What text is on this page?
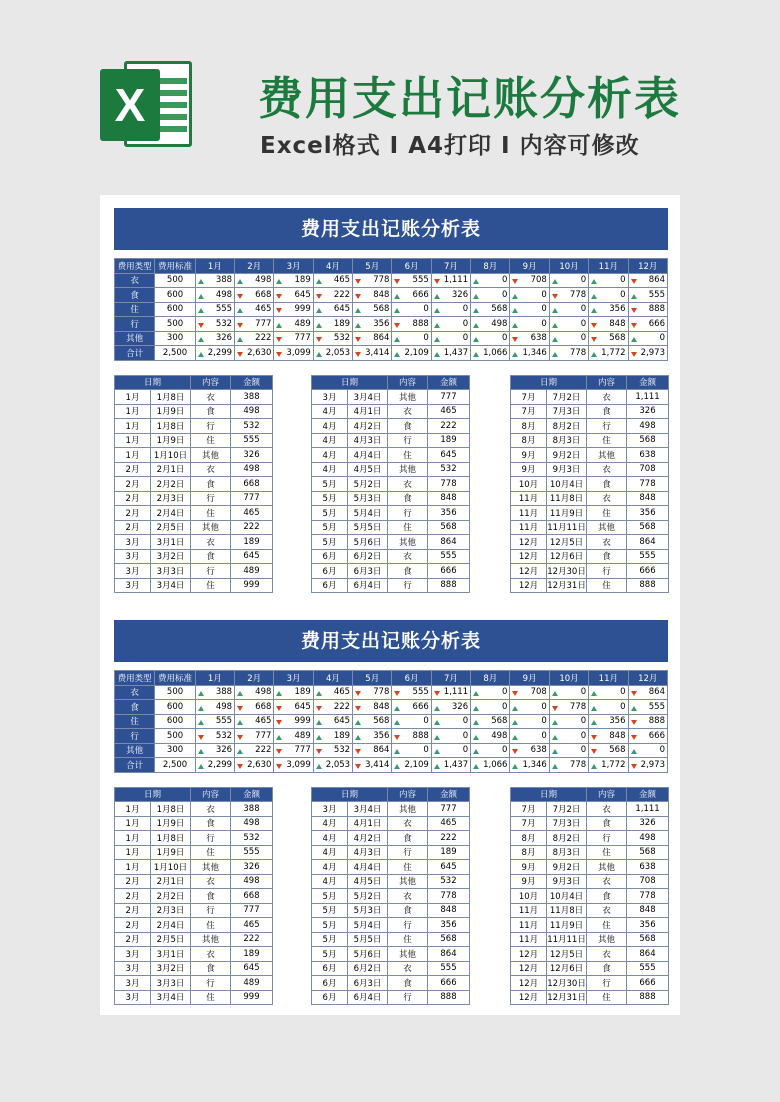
X	费用支出记账分析表
Excel格式 Ⅰ A4打印 Ⅰ 内容可修改
费用支出记账分析表
费用类型	费用标准	1月	2月	3月	4月	5月	6月	7月	8月	9月	10月	11月	12月
衣	500	388	498	189	465	778	555	1,111	0	708	0	0	864
食	600	498	668	645	222	848	666	326	0	0	778	0	555
住	600	555	465	999	645	568	0	0	568	0	0	356	888
行	500	532	777	489	189	356	888	0	498	0	0	848	666
其他	300	326	222	777	532	864	0	0	0	638	0	568	0
合计	2,500	2,299	2,630	3,099	2,053	3,414	2,109	1,437	1,066	1,346	778	1,772	2,973
日期		内容	金额
1月	1月8日	衣	388
1月	1月9日	食	498
1月	1月8日	行	532
1月	1月9日	住	555
1月	1月10日	其他	326
2月	2月1日	衣	498
2月	2月2日	食	668
2月	2月3日	行	777
2月	2月4日	住	465
2月	2月5日	其他	222
3月	3月1日	衣	189
3月	3月2日	食	645
3月	3月3日	行	489
3月	3月4日	住	999
日期		内容	金额
3月	3月4日	其他	777
4月	4月1日	衣	465
4月	4月2日	食	222
4月	4月3日	行	189
4月	4月4日	住	645
4月	4月5日	其他	532
5月	5月2日	衣	778
5月	5月3日	食	848
5月	5月4日	行	356
5月	5月5日	住	568
5月	5月6日	其他	864
6月	6月2日	衣	555
6月	6月3日	食	666
6月	6月4日	行	888
日期		内容	金额
7月	7月2日	衣	1,111
7月	7月3日	食	326
8月	8月2日	行	498
8月	8月3日	住	568
9月	9月2日	其他	638
9月	9月3日	衣	708
10月	10月4日	食	778
11月	11月8日	衣	848
11月	11月9日	住	356
11月	11月11日	其他	568
12月	12月5日	衣	864
12月	12月6日	食	555
12月	12月30日	行	666
12月	12月31日	住	888
费用支出记账分析表
费用类型	费用标准	1月	2月	3月	4月	5月	6月	7月	8月	9月	10月	11月	12月
衣	500	388	498	189	465	778	555	1,111	0	708	0	0	864
食	600	498	668	645	222	848	666	326	0	0	778	0	555
住	600	555	465	999	645	568	0	0	568	0	0	356	888
行	500	532	777	489	189	356	888	0	498	0	0	848	666
其他	300	326	222	777	532	864	0	0	0	638	0	568	0
合计	2,500	2,299	2,630	3,099	2,053	3,414	2,109	1,437	1,066	1,346	778	1,772	2,973
日期		内容	金额
1月	1月8日	衣	388
1月	1月9日	食	498
1月	1月8日	行	532
1月	1月9日	住	555
1月	1月10日	其他	326
2月	2月1日	衣	498
2月	2月2日	食	668
2月	2月3日	行	777
2月	2月4日	住	465
2月	2月5日	其他	222
3月	3月1日	衣	189
3月	3月2日	食	645
3月	3月3日	行	489
3月	3月4日	住	999
日期		内容	金额
3月	3月4日	其他	777
4月	4月1日	衣	465
4月	4月2日	食	222
4月	4月3日	行	189
4月	4月4日	住	645
4月	4月5日	其他	532
5月	5月2日	衣	778
5月	5月3日	食	848
5月	5月4日	行	356
5月	5月5日	住	568
5月	5月6日	其他	864
6月	6月2日	衣	555
6月	6月3日	食	666
6月	6月4日	行	888
日期		内容	金额
7月	7月2日	衣	1,111
7月	7月3日	食	326
8月	8月2日	行	498
8月	8月3日	住	568
9月	9月2日	其他	638
9月	9月3日	衣	708
10月	10月4日	食	778
11月	11月8日	衣	848
11月	11月9日	住	356
11月	11月11日	其他	568
12月	12月5日	衣	864
12月	12月6日	食	555
12月	12月30日	行	666
12月	12月31日	住	888
